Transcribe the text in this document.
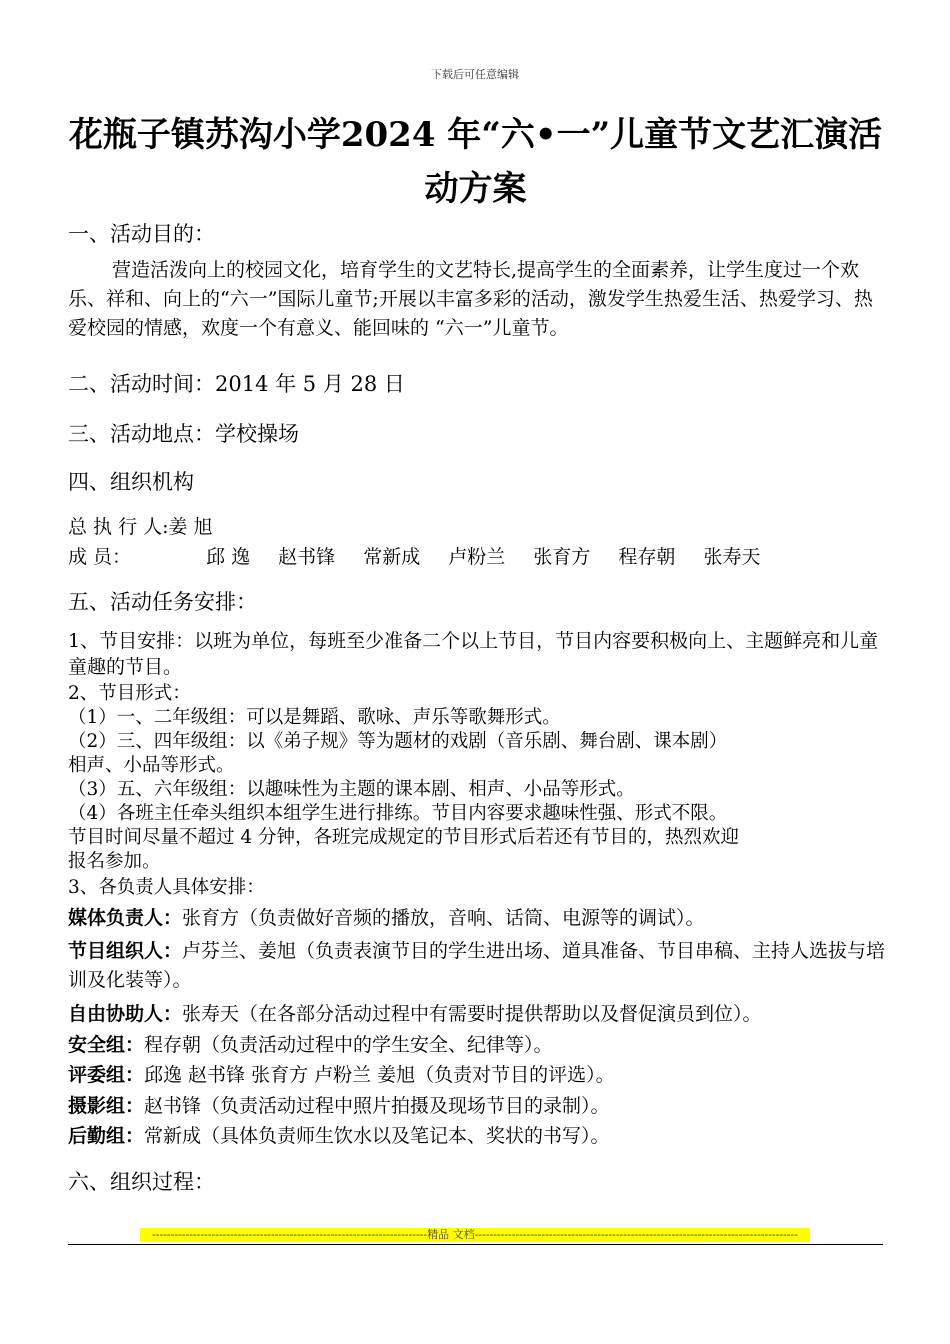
下载后可任意编辑
花瓶子镇苏沟小学2024 年“六•一”儿童节文艺汇演活动方案
一、活动目的：

营造活泼向上的校园文化，培育学生的文艺特长,提高学生的全面素养，让学生度过一个欢乐、祥和、向上的“六一”国际儿童节;开展以丰富多彩的活动，激发学生热爱生活、热爱学习、热爱校园的情感，欢度一个有意义、能回味的 “六一”儿童节。

二、活动时间：2014 年 5 月 28 日
三、活动地点：学校操场
四、组织机构
总 执 行 人:姜 旭
成 员：	邱 逸 赵书锋 常新成 卢粉兰 张育方 程存朝 张寿天
五、活动任务安排：

1、节目安排：以班为单位，每班至少准备二个以上节目，节目内容要积极向上、主题鲜亮和儿童童趣的节目。

2、节目形式：
（1）一、二年级组：可以是舞蹈、歌咏、声乐等歌舞形式。
（2）三、四年级组：以《弟子规》等为题材的戏剧（音乐剧、舞台剧、课本剧）
相声、小品等形式。
（3）五、六年级组：以趣味性为主题的课本剧、相声、小品等形式。
（4）各班主任牵头组织本组学生进行排练。节目内容要求趣味性强、形式不限。
节目时间尽量不超过 4 分钟，各班完成规定的节目形式后若还有节目的，热烈欢迎
报名参加。
3、各负责人具体安排：

媒体负责人：张育方（负责做好音频的播放，音响、话筒、电源等的调试）。

节目组织人：卢芬兰、姜旭（负责表演节目的学生进出场、道具准备、节目串稿、主持人选拔与培训及化装等）。

自由协助人：张寿天（在各部分活动过程中有需要时提供帮助以及督促演员到位）。

安全组：程存朝（负责活动过程中的学生安全、纪律等）。

评委组：邱逸 赵书锋 张育方 卢粉兰 姜旭（负责对节目的评选）。

摄影组：赵书锋（负责活动过程中照片拍摄及现场节目的录制）。

后勤组：常新成（具体负责师生饮水以及笔记本、奖状的书写）。

六、组织过程：
--------------------------------------------------------------------------精品 文档---------------------------------------------------------------------------------------
